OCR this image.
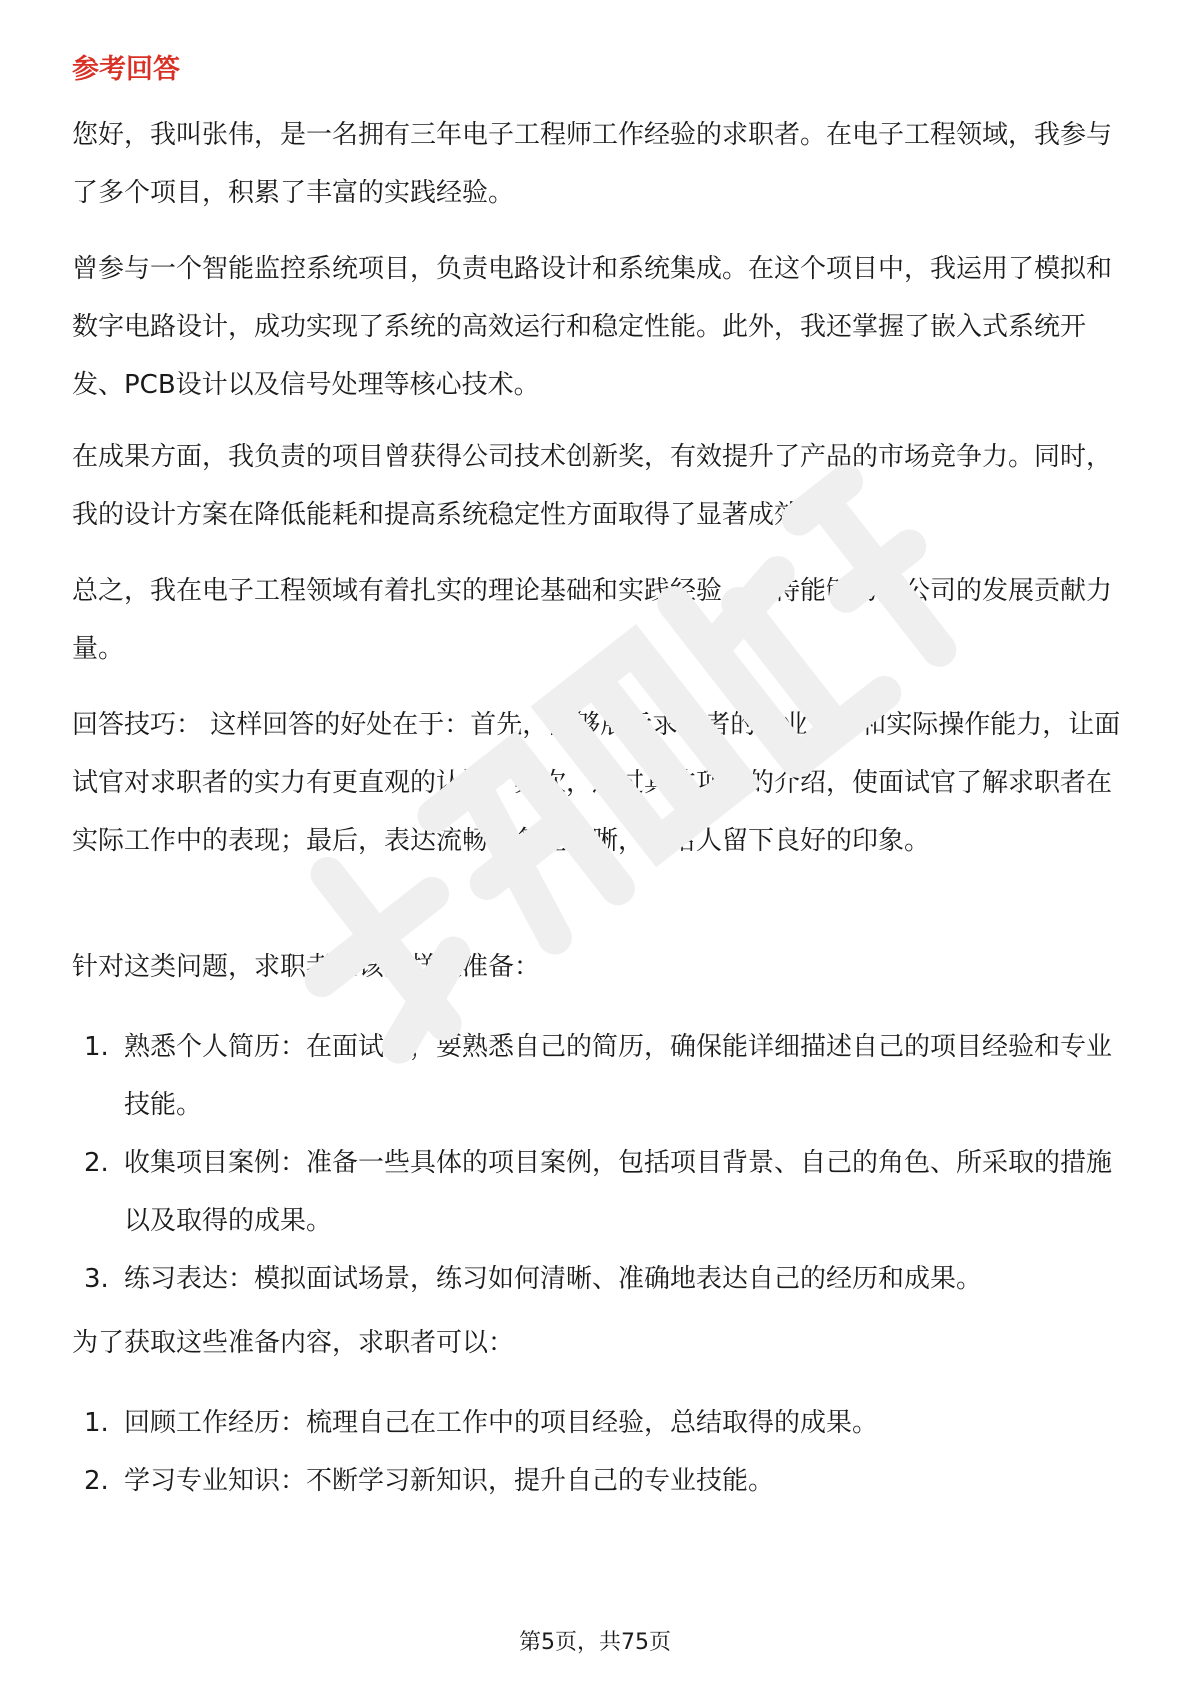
参考回答

您好，我叫张伟，是一名拥有三年电子工程师工作经验的求职者。在电子工程领域，我参与了多个项目，积累了丰富的实践经验。

曾参与一个智能监控系统项目，负责电路设计和系统集成。在这个项目中，我运用了模拟和数字电路设计，成功实现了系统的高效运行和稳定性能。此外，我还掌握了嵌入式系统开发、PCB设计以及信号处理等核心技术。

在成果方面，我负责的项目曾获得公司技术创新奖，有效提升了产品的市场竞争力。同时，我的设计方案在降低能耗和提高系统稳定性方面取得了显著成效。

总之，我在电子工程领域有着扎实的理论基础和实践经验，期待能够为贵公司的发展贡献力量。

回答技巧： 这样回答的好处在于：首先，能够展示求职者的专业背景和实际操作能力，让面试官对求职者的实力有更直观的认识；其次，通过具体项目的介绍，使面试官了解求职者在实际工作中的表现；最后，表达流畅、条理清晰，能给人留下良好的印象。

针对这类问题，求职者应该这样做准备：

1. 熟悉个人简历：在面试前，要熟悉自己的简历，确保能详细描述自己的项目经验和专业技能。
2. 收集项目案例：准备一些具体的项目案例，包括项目背景、自己的角色、所采取的措施以及取得的成果。
3. 练习表达：模拟面试场景，练习如何清晰、准确地表达自己的经历和成果。

为了获取这些准备内容，求职者可以：

1. 回顾工作经历：梳理自己在工作中的项目经验，总结取得的成果。
2. 学习专业知识：不断学习新知识，提升自己的专业技能。
第5页，共75页
